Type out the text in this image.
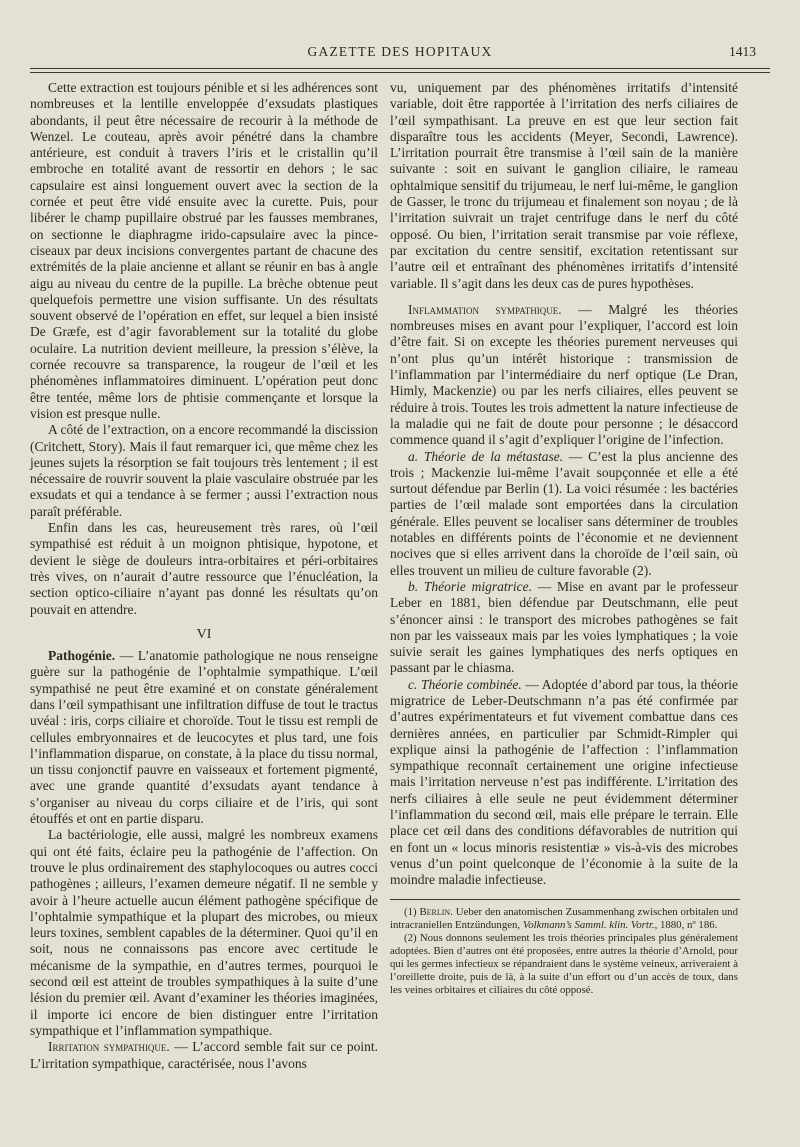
GAZETTE DES HOPITAUX	1413

Cette extraction est toujours pénible et si les adhérences sont nombreuses et la lentille enveloppée d’exsudats plastiques abondants, il peut être nécessaire de recourir à la méthode de Wenzel. Le couteau, après avoir pénétré dans la chambre antérieure, est conduit à travers l’iris et le cristallin qu’il embroche en totalité avant de ressortir en dehors ; le sac capsulaire est ainsi longuement ouvert avec la section de la cornée et peut être vidé ensuite avec la curette. Puis, pour libérer le champ pupillaire obstrué par les fausses membranes, on sectionne le diaphragme irido-capsulaire avec la pince-ciseaux par deux incisions convergentes partant de chacune des extrémités de la plaie ancienne et allant se réunir en bas à angle aigu au niveau du centre de la pupille. La brèche obtenue peut quelquefois permettre une vision suffisante. Un des résultats souvent observé de l’opération en effet, sur lequel a bien insisté De Græfe, est d’agir favorablement sur la totalité du globe oculaire. La nutrition devient meilleure, la pression s’élève, la cornée recouvre sa transparence, la rougeur de l’œil et les phénomènes inflammatoires diminuent. L’opération peut donc être tentée, même lors de phtisie commençante et lorsque la vision est presque nulle.

A côté de l’extraction, on a encore recommandé la discission (Critchett, Story). Mais il faut remarquer ici, que même chez les jeunes sujets la résorption se fait toujours très lentement ; il est nécessaire de rouvrir souvent la plaie vasculaire obstruée par les exsudats et qui a tendance à se fermer ; aussi l’extraction nous paraît préférable.

Enfin dans les cas, heureusement très rares, où l’œil sympathisé est réduit à un moignon phtisique, hypotone, et devient le siège de douleurs intra-orbitaires et péri-orbitaires très vives, on n’aurait d’autre ressource que l’énucléation, la section optico-ciliaire n’ayant pas donné les résultats qu’on pouvait en attendre.

VI

Pathogénie. — L’anatomie pathologique ne nous renseigne guère sur la pathogénie de l’ophtalmie sympathique. L’œil sympathisé ne peut être examiné et on constate généralement dans l’œil sympathisant une infiltration diffuse de tout le tractus uvéal : iris, corps ciliaire et choroïde. Tout le tissu est rempli de cellules embryonnaires et de leucocytes et plus tard, une fois l’inflammation disparue, on constate, à la place du tissu normal, un tissu conjonctif pauvre en vaisseaux et fortement pigmenté, avec une grande quantité d’exsudats ayant tendance à s’organiser au niveau du corps ciliaire et de l’iris, qui sont étouffés et ont en partie disparu.

La bactériologie, elle aussi, malgré les nombreux examens qui ont été faits, éclaire peu la pathogénie de l’affection. On trouve le plus ordinairement des staphylocoques ou autres cocci pathogènes ; ailleurs, l’examen demeure négatif. Il ne semble y avoir à l’heure actuelle aucun élément pathogène spécifique de l’ophtalmie sympathique et la plupart des microbes, ou mieux leurs toxines, semblent capables de la déterminer. Quoi qu’il en soit, nous ne connaissons pas encore avec certitude le mécanisme de la sympathie, en d’autres termes, pourquoi le second œil est atteint de troubles sympathiques à la suite d’une lésion du premier œil. Avant d’examiner les théories imaginées, il importe ici encore de bien distinguer entre l’irritation sympathique et l’inflammation sympathique.

Irritation sympathique. — L’accord semble fait sur ce point. L’irritation sympathique, caractérisée, nous l’avons

vu, uniquement par des phénomènes irritatifs d’intensité variable, doit être rapportée à l’irritation des nerfs ciliaires de l’œil sympathisant. La preuve en est que leur section fait disparaître tous les accidents (Meyer, Secondi, Lawrence). L’irritation pourrait être transmise à l’œil sain de la manière suivante : soit en suivant le ganglion ciliaire, le rameau ophtalmique sensitif du trijumeau, le nerf lui-même, le ganglion de Gasser, le tronc du trijumeau et finalement son noyau ; de là l’irritation suivrait un trajet centrifuge dans le nerf du côté opposé. Ou bien, l’irritation serait transmise par voie réflexe, par excitation du centre sensitif, excitation retentissant sur l’autre œil et entraînant des phénomènes irritatifs d’intensité variable. Il s’agit dans les deux cas de pures hypothèses.

Inflammation sympathique. — Malgré les théories nombreuses mises en avant pour l’expliquer, l’accord est loin d’être fait. Si on excepte les théories purement nerveuses qui n’ont plus qu’un intérêt historique : transmission de l’inflammation par l’intermédiaire du nerf optique (Le Dran, Himly, Mackenzie) ou par les nerfs ciliaires, elles peuvent se réduire à trois. Toutes les trois admettent la nature infectieuse de la maladie qui ne fait de doute pour personne ; le désaccord commence quand il s’agit d’expliquer l’origine de l’infection.

a. Théorie de la métastase. — C’est la plus ancienne des trois ; Mackenzie lui-même l’avait soupçonnée et elle a été surtout défendue par Berlin (1). La voici résumée : les bactéries parties de l’œil malade sont emportées dans la circulation générale. Elles peuvent se localiser sans déterminer de troubles notables en différents points de l’économie et ne deviennent nocives que si elles arrivent dans la choroïde de l’œil sain, où elles trouvent un milieu de culture favorable (2).

b. Théorie migratrice. — Mise en avant par le professeur Leber en 1881, bien défendue par Deutschmann, elle peut s’énoncer ainsi : le transport des microbes pathogènes se fait non par les vaisseaux mais par les voies lymphatiques ; la voie suivie serait les gaines lymphatiques des nerfs optiques en passant par le chiasma.

c. Théorie combinée. — Adoptée d’abord par tous, la théorie migratrice de Leber-Deutschmann n’a pas été confirmée par d’autres expérimentateurs et fut vivement combattue dans ces dernières années, en particulier par Schmidt-Rimpler qui explique ainsi la pathogénie de l’affection : l’inflammation sympathique reconnaît certainement une origine infectieuse mais l’irritation nerveuse n’est pas indifférente. L’irritation des nerfs ciliaires à elle seule ne peut évidemment déterminer l’inflammation du second œil, mais elle prépare le terrain. Elle place cet œil dans des conditions défavorables de nutrition qui en font un « locus minoris resistentiæ » vis-à-vis des microbes venus d’un point quelconque de l’économie à la suite de la moindre maladie infectieuse.

(1) Berlin. Ueber den anatomischen Zusammenhang zwischen orbitalen und intracraniellen Entzündungen, Volkmann’s Samml. klin. Vortr., 1880, nº 186.

(2) Nous donnons seulement les trois théories principales plus généralement adoptées. Bien d’autres ont été proposées, entre autres la théorie d’Arnold, pour qui les germes infectieux se répandraient dans le système veineux, arriveraient à l’oreillette droite, puis de là, à la suite d’un effort ou d’un accès de toux, dans les veines orbitaires et ciliaires du côté opposé.
